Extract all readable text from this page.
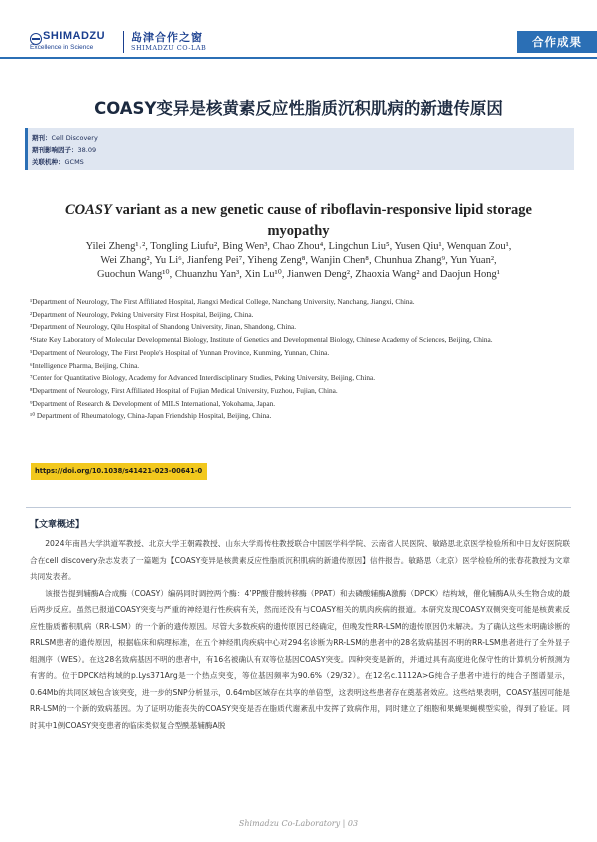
SHIMADZU
Excellence in Science
岛津合作之窗
SHIMADZU CO-LAB	合作成果
COASY变异是核黄素反应性脂质沉积肌病的新遗传原因
期刊：Cell Discovery
期刊影响因子：38.09
关联机种：GCMS
COASY variant as a new genetic cause of riboflavin-responsive lipid storage myopathy
Yilei Zheng¹˒², Tongling Liufu², Bing Wen³, Chao Zhou⁴, Lingchun Liu⁵, Yusen Qiu¹, Wenquan Zou¹,
Wei Zhang², Yu Li⁶, Jianfeng Pei⁷, Yiheng Zeng⁸, Wanjin Chen⁸, Chunhua Zhang⁹, Yun Yuan²,
Guochun Wang¹⁰, Chuanzhu Yan³, Xin Lu¹⁰, Jianwen Deng², Zhaoxia Wang² and Daojun Hong¹

¹Department of Neurology, The First Affiliated Hospital, Jiangxi Medical College, Nanchang University, Nanchang, Jiangxi, China.

²Department of Neurology, Peking University First Hospital, Beijing, China.

³Department of Neurology, Qilu Hospital of Shandong University, Jinan, Shandong, China.

⁴State Key Laboratory of Molecular Developmental Biology, Institute of Genetics and Developmental Biology, Chinese Academy of Sciences, Beijing, China.

⁵Department of Neurology, The First People's Hospital of Yunnan Province, Kunming, Yunnan, China.

⁶Intelligence Pharma, Beijing, China.

⁷Center for Quantitative Biology, Academy for Advanced Interdisciplinary Studies, Peking University, Beijing, China.

⁸Department of Neurology, First Affiliated Hospital of Fujian Medical University, Fuzhou, Fujian, China.

⁹Department of Research & Development of MILS International, Yokohama, Japan.

¹⁰ Department of Rheumatology, China-Japan Friendship Hospital, Beijing, China.

https://doi.org/10.1038/s41421-023-00641-0
【文章概述】

2024年南昌大学洪道军教授、北京大学王朝霞教授、山东大学焉传柱教授联合中国医学科学院、云南省人民医院、敏路思北京医学检验所和中日友好医院联合在cell discovery杂志发表了一篇题为【COASY变异是核黄素反应性脂质沉积肌病的新遗传原因】信件报告。敏路思（北京）医学检验所的张春花教授为文章共同发表者。

该报告提到辅酶A合成酶（COASY）编码同时调控两个酶：4’PP酸苷酸转移酶（PPAT）和去磷酸辅酶A激酶（DPCK）结构域，催化辅酶A从头生物合成的最后两步反应。虽然已报道COASY突变与严重的神经退行性疾病有关，然而还没有与COASY相关的肌肉疾病的报道。本研究发现COASY双侧突变可能是核黄素反应性脂质蓄积肌病（RR-LSM）的一个新的遗传原因。尽管大多数疾病的遗传原因已经确定，但晚发性RR-LSM的遗传原因仍未解决。为了确认这些未明确诊断的RRLSM患者的遗传原因，根据临床和病理标准，在五个神经肌肉疾病中心对294名诊断为RR-LSM的患者中的28名致病基因不明的RR-LSM患者进行了全外显子组测序（WES）。在这28名致病基因不明的患者中，有16名被确认有双等位基因COASY突变。四种突变是新的，并通过具有高度进化保守性的计算机分析预测为有害的。位于DPCK结构域的p.Lys371Arg是一个热点突变，等位基因频率为90.6%（29/32）。在12名c.1112A>G纯合子患者中进行的纯合子图谱显示，0.64Mb的共同区域包含该突变，进一步的SNP分析显示，0.64mb区域存在共享的单倍型，这表明这些患者存在奠基者效应。这些结果表明，COASY基因可能是RR-LSM的一个新的致病基因。为了证明功能丧失的COASY突变是否在脂质代谢紊乱中发挥了致病作用，同时建立了细胞和果蝇果蝇模型实验，得到了验证。同时其中1例COASY突变患者的临床类似复合型酰基辅酶A脱

Shimadzu Co-Laboratory | 03
